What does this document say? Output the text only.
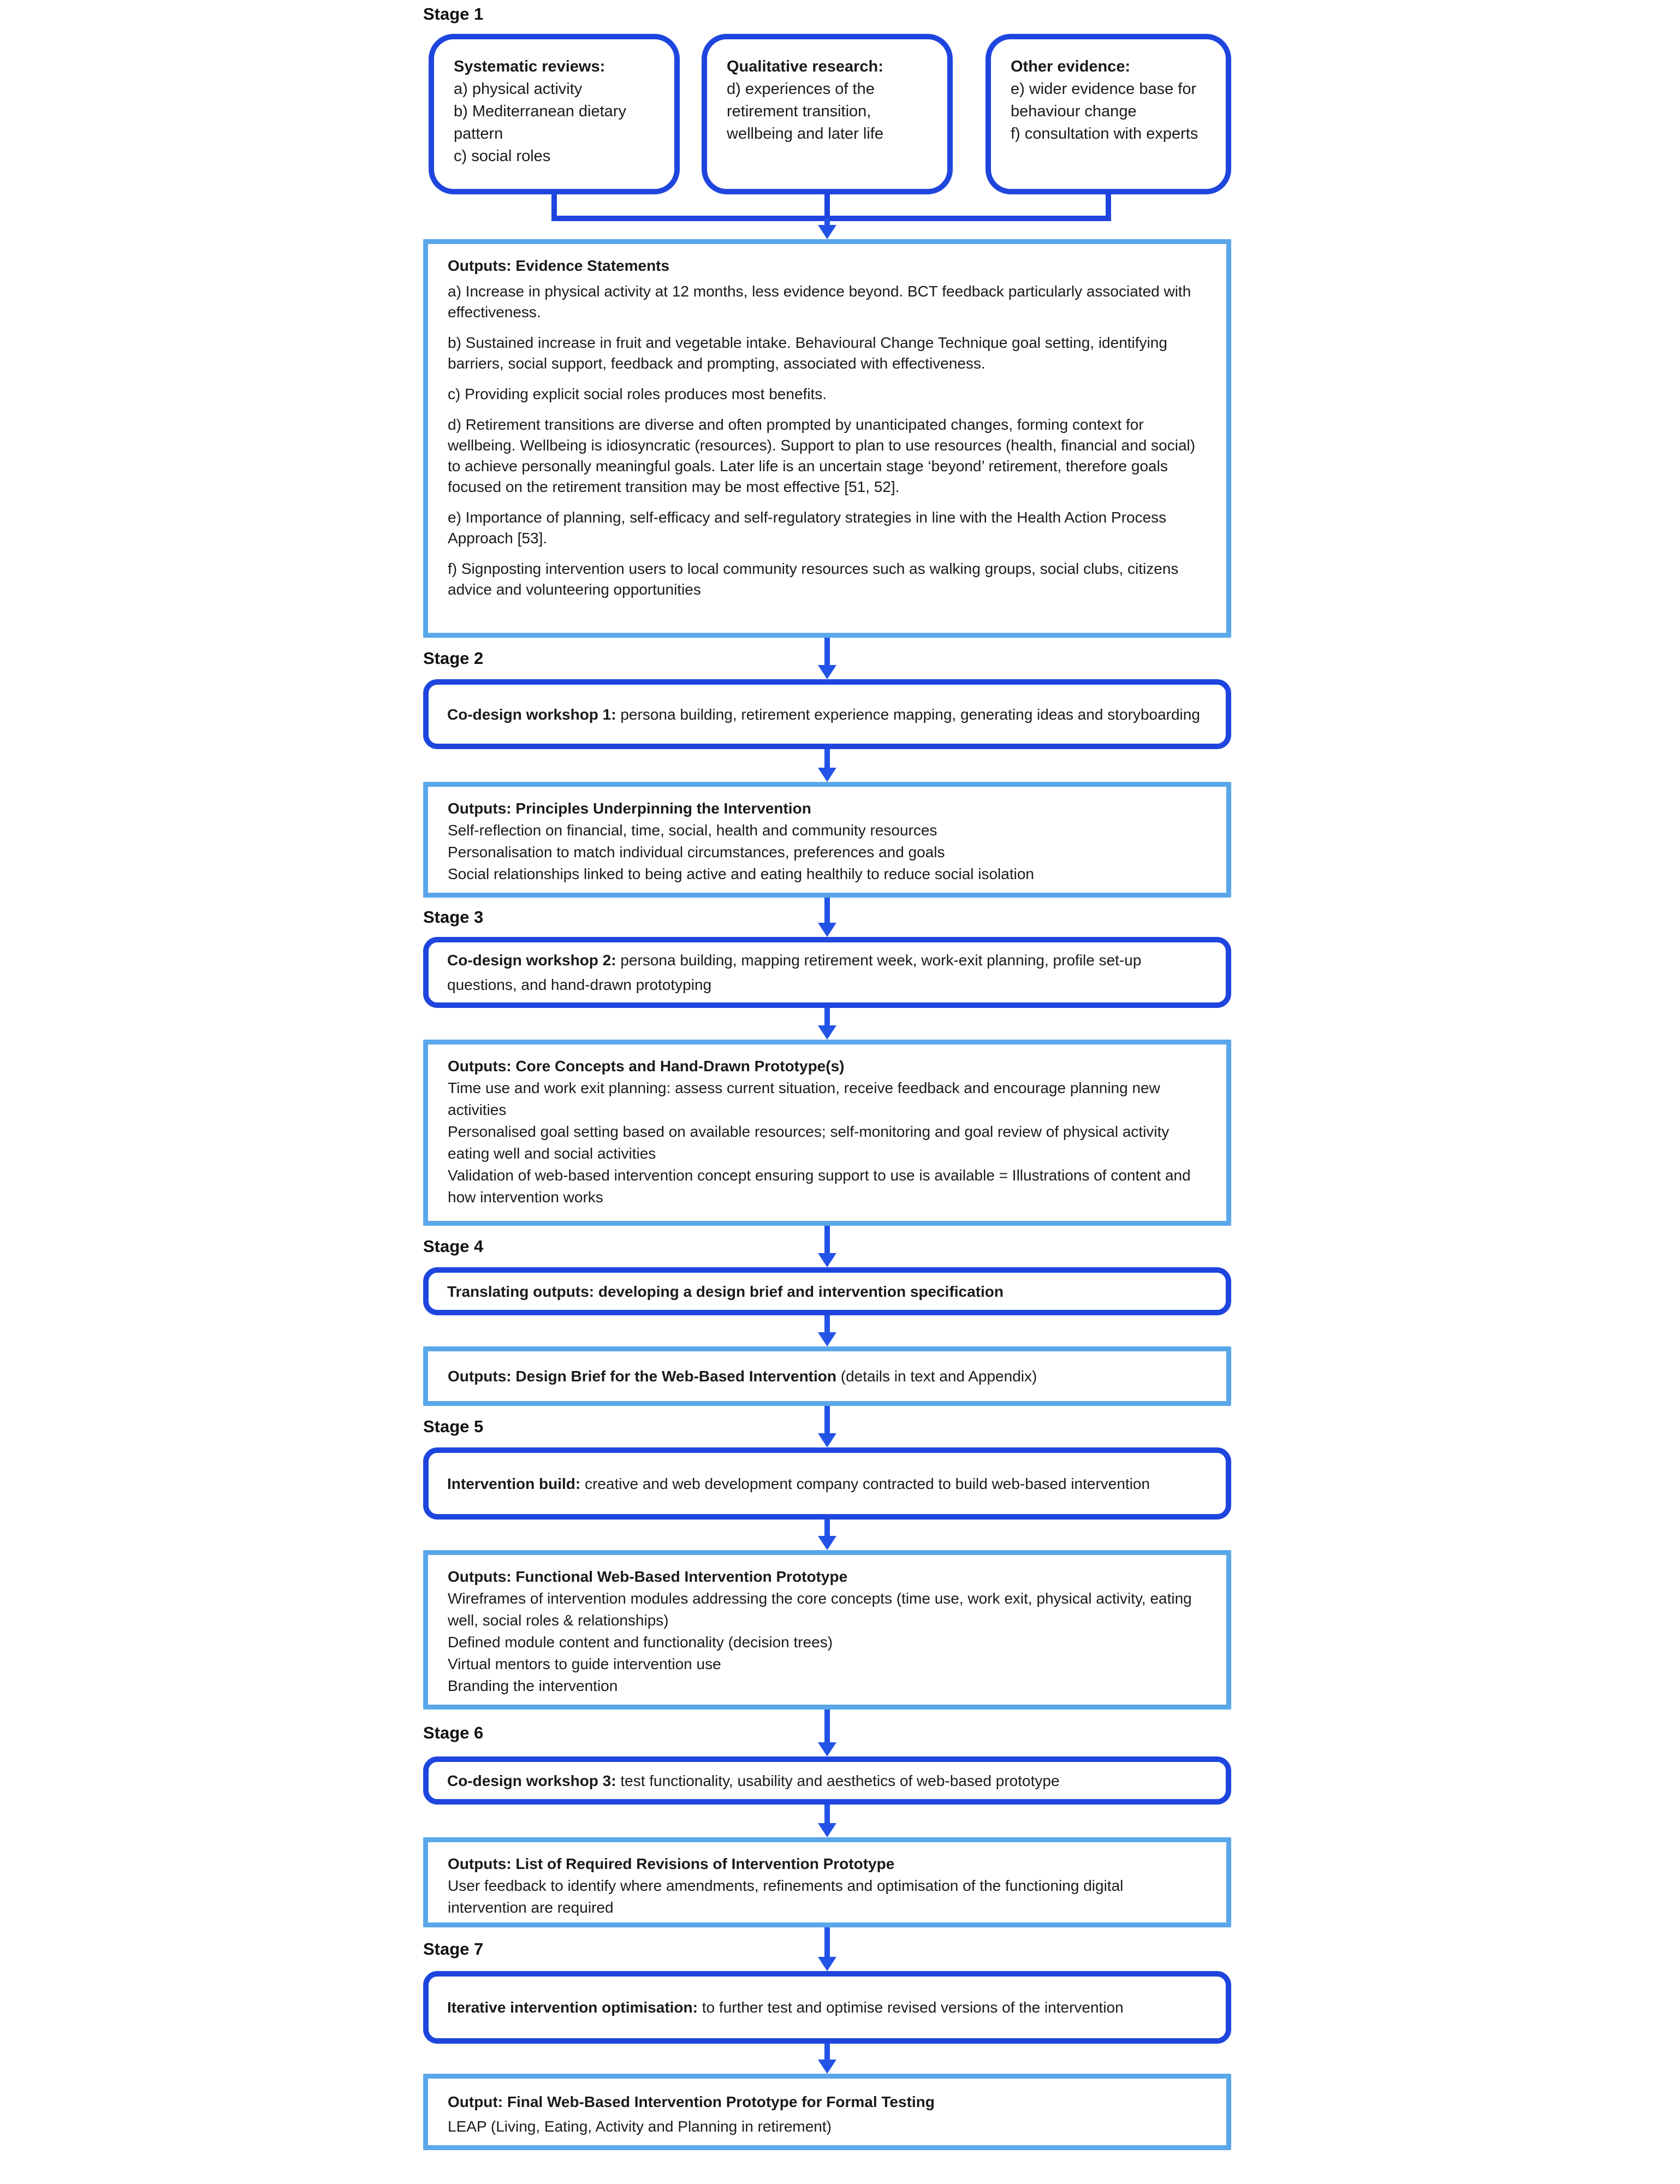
Stage 1
Systematic reviews:
a) physical activity
b) Mediterranean dietary pattern
c) social roles
Qualitative research:
d) experiences of the retirement transition, wellbeing and later life
Other evidence:
e) wider evidence base for behaviour change
f) consultation with experts
Outputs: Evidence Statements

a) Increase in physical activity at 12 months, less evidence beyond. BCT feedback particularly associated with effectiveness.

b) Sustained increase in fruit and vegetable intake. Behavioural Change Technique goal setting, identifying barriers, social support, feedback and prompting, associated with effectiveness.

c) Providing explicit social roles produces most benefits.

d) Retirement transitions are diverse and often prompted by unanticipated changes, forming context for wellbeing. Wellbeing is idiosyncratic (resources). Support to plan to use resources (health, financial and social) to achieve personally meaningful goals. Later life is an uncertain stage ‘beyond’ retirement, therefore goals focused on the retirement transition may be most effective [51, 52].

e) Importance of planning, self-efficacy and self-regulatory strategies in line with the Health Action Process Approach [53].

f) Signposting intervention users to local community resources such as walking groups, social clubs, citizens advice and volunteering opportunities

Stage 2
Co-design workshop 1: persona building, retirement experience mapping, generating ideas and storyboarding
Outputs: Principles Underpinning the Intervention
Self-reflection on financial, time, social, health and community resources
Personalisation to match individual circumstances, preferences and goals
Social relationships linked to being active and eating healthily to reduce social isolation
Stage 3
Co-design workshop 2: persona building, mapping retirement week, work-exit planning, profile set-up questions, and hand-drawn prototyping
Outputs: Core Concepts and Hand-Drawn Prototype(s)
Time use and work exit planning: assess current situation, receive feedback and encourage planning new activities
Personalised goal setting based on available resources; self-monitoring and goal review of physical activity eating well and social activities
Validation of web-based intervention concept ensuring support to use is available = Illustrations of content and how intervention works
Stage 4
Translating outputs: developing a design brief and intervention specification
Outputs: Design Brief for the Web-Based Intervention (details in text and Appendix)
Stage 5
Intervention build: creative and web development company contracted to build web-based intervention
Outputs: Functional Web-Based Intervention Prototype
Wireframes of intervention modules addressing the core concepts (time use, work exit, physical activity, eating well, social roles & relationships)
Defined module content and functionality (decision trees)
Virtual mentors to guide intervention use
Branding the intervention
Stage 6
Co-design workshop 3: test functionality, usability and aesthetics of web-based prototype
Outputs: List of Required Revisions of Intervention Prototype
User feedback to identify where amendments, refinements and optimisation of the functioning digital intervention are required
Stage 7
Iterative intervention optimisation: to further test and optimise revised versions of the intervention
Output: Final Web-Based Intervention Prototype for Formal Testing
LEAP (Living, Eating, Activity and Planning in retirement)
